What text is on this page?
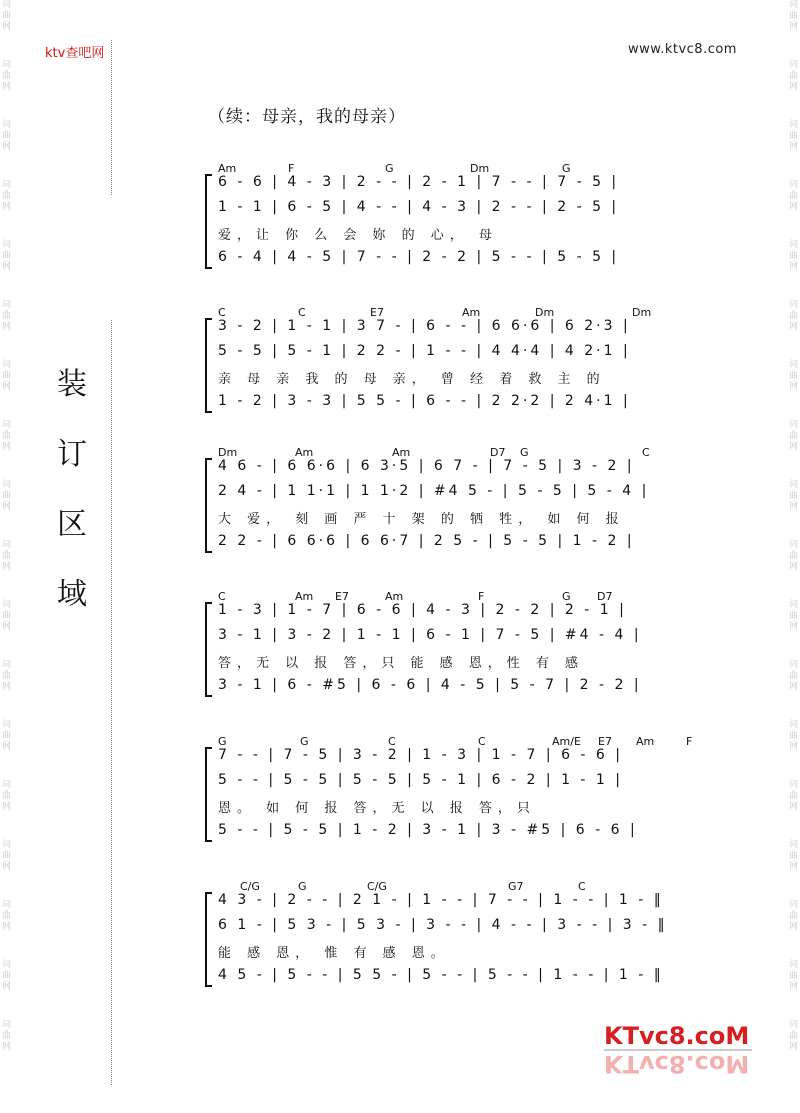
词
曲
网
词
曲
网
词
曲
网
词
曲
网
词
曲
网
词
曲
网
词
曲
网
词
曲
网
词
曲
网
词
曲
网
词
曲
网
词
曲
网
词
曲
网
词
曲
网
词
曲
网
词
曲
网
词
曲
网
词
曲
网
词
曲
网
词
曲
网
词
曲
网
词
曲
网
词
曲
网
词
曲
网
词
曲
网
词
曲
网
词
曲
网
词
曲
网
词
曲
网
词
曲
网
词
曲
网
词
曲
网
词
曲
网
词
曲
网
词
曲
网
词
曲
网
ktv查吧网	www.ktvc8.com
（续：母亲，我的母亲）
装
订
区
域
Am	F	G	Dm	G
6 - 6 | 4 - 3 | 2 - - | 2 - 1 | 7 - - | 7 - 5 |
1 - 1 | 6 - 5 | 4 - - | 4 - 3 | 2 - - | 2 - 5 |
爱，让 你 么 会 妳 的 心， 母
6 - 4 | 4 - 5 | 7 - - | 2 - 2 | 5 - - | 5 - 5 |
C	C	E7	Am	Dm	Dm
3 - 2 | 1 - 1 | 3 7 - | 6 - - | 6 6·6 | 6 2·3 |
5 - 5 | 5 - 1 | 2 2 - | 1 - - | 4 4·4 | 4 2·1 |
亲 母 亲 我 的 母 亲， 曾 经 着 救 主 的
1 - 2 | 3 - 3 | 5 5 - | 6 - - | 2 2·2 | 2 4·1 |
Dm	Am	Am	D7 G	C
4 6 - | 6 6·6 | 6 3·5 | 6 7 - | 7 - 5 | 3 - 2 |
2 4 - | 1 1·1 | 1 1·2 | #4 5 - | 5 - 5 | 5 - 4 |
大 爱， 刻 画 严 十 架 的 牺 牲， 如 何 报
2 2 - | 6 6·6 | 6 6·7 | 2 5 - | 5 - 5 | 1 - 2 |
C	Am E7	Am	F	G D7
1 - 3 | 1 - 7 | 6 - 6 | 4 - 3 | 2 - 2 | 2 - 1 |
3 - 1 | 3 - 2 | 1 - 1 | 6 - 1 | 7 - 5 | #4 - 4 |
答，无 以 报 答，只 能 感 恩，性 有 感
3 - 1 | 6 - #5 | 6 - 6 | 4 - 5 | 5 - 7 | 2 - 2 |
G	G	C	C	Am/E E7 Am	F
7 - - | 7 - 5 | 3 - 2 | 1 - 3 | 1 - 7 | 6 - 6 |
5 - - | 5 - 5 | 5 - 5 | 5 - 1 | 6 - 2 | 1 - 1 |
恩。 如 何 报 答，无 以 报 答，只
5 - - | 5 - 5 | 1 - 2 | 3 - 1 | 3 - #5 | 6 - 6 |
C/G	G	C/G	G7	C
4 3 - | 2 - - | 2 1 - | 1 - - | 7 - - | 1 - - | 1 - ‖
6 1 - | 5 3 - | 5 3 - | 3 - - | 4 - - | 3 - - | 3 - ‖
能 感 恩， 惟 有 感 恩。
4 5 - | 5 - - | 5 5 - | 5 - - | 5 - - | 1 - - | 1 - ‖
KTvc8.coM
KTvc8.coM
